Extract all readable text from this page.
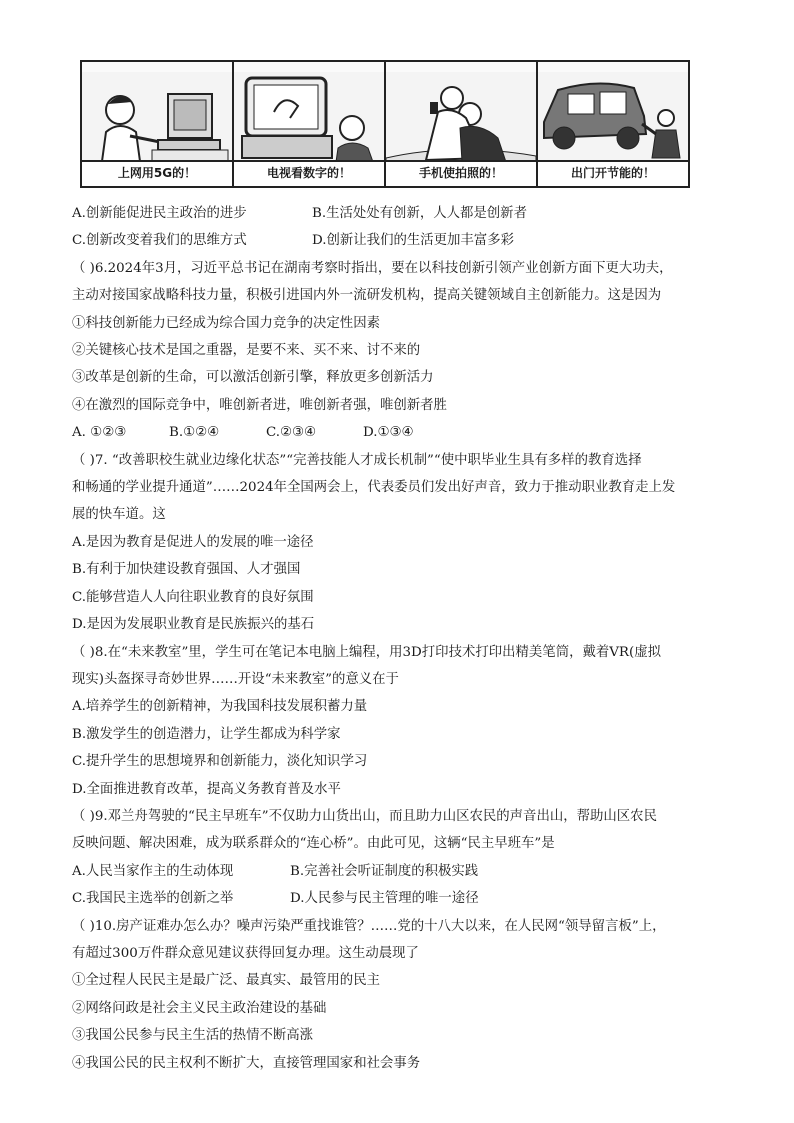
上网用5G的！	电视看数字的！	手机使拍照的！	出门开节能的！
A.创新能促进民主政治的进步	B.生活处处有创新，人人都是创新者
C.创新改变着我们的思维方式	D.创新让我们的生活更加丰富多彩
（ )6.2024年3月，习近平总书记在湖南考察时指出，要在以科技创新引领产业创新方面下更大功夫，
主动对接国家战略科技力量，积极引进国内外一流研发机构，提高关键领域自主创新能力。这是因为
①科技创新能力已经成为综合国力竞争的决定性因素
②关键核心技术是国之重器，是要不来、买不来、讨不来的
③改革是创新的生命，可以激活创新引擎，释放更多创新活力
④在激烈的国际竞争中，唯创新者进，唯创新者强，唯创新者胜
A. ①②③	B.①②④	C.②③④	D.①③④
（ )7. “改善职校生就业边缘化状态”“完善技能人才成长机制”“使中职毕业生具有多样的教育选择
和畅通的学业提升通道”……2024年全国两会上，代表委员们发出好声音，致力于推动职业教育走上发
展的快车道。这
A.是因为教育是促进人的发展的唯一途径
B.有利于加快建设教育强国、人才强国
C.能够营造人人向往职业教育的良好氛围
D.是因为发展职业教育是民族振兴的基石
（ )8.在“未来教室”里，学生可在笔记本电脑上编程，用3D打印技术打印出精美笔筒，戴着VR(虚拟
现实)头盔探寻奇妙世界……开设“未来教室”的意义在于
A.培养学生的创新精神，为我国科技发展积蓄力量
B.激发学生的创造潜力，让学生都成为科学家
C.提升学生的思想境界和创新能力，淡化知识学习
D.全面推进教育改革，提高义务教育普及水平
（ )9.邓兰舟驾驶的“民主早班车”不仅助力山货出山，而且助力山区农民的声音出山，帮助山区农民
反映问题、解决困难，成为联系群众的“连心桥”。由此可见，这辆“民主早班车”是
A.人民当家作主的生动体现	B.完善社会听证制度的积极实践
C.我国民主选举的创新之举	D.人民参与民主管理的唯一途径
（ )10.房产证难办怎么办？噪声污染严重找谁管？……党的十八大以来，在人民网“领导留言板”上，
有超过300万件群众意见建议获得回复办理。这生动晨现了
①全过程人民民主是最广泛、最真实、最管用的民主
②网络问政是社会主义民主政治建设的基础
③我国公民参与民主生活的热情不断高涨
④我国公民的民主权利不断扩大，直接管理国家和社会事务
